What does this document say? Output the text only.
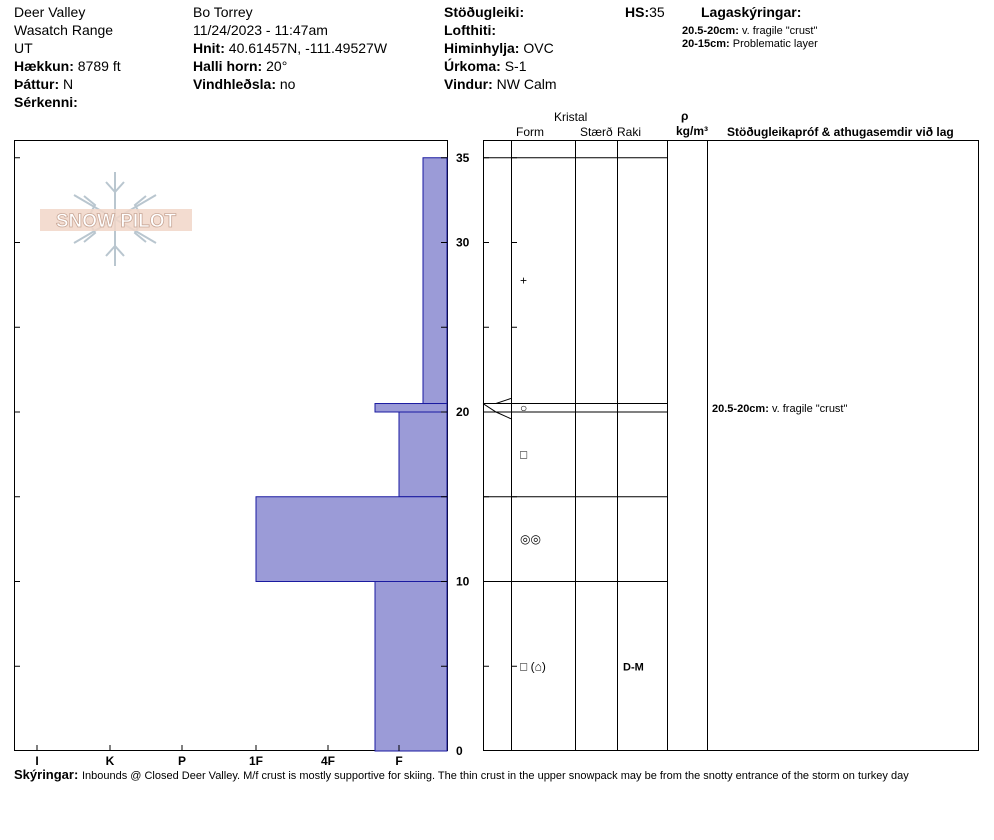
Deer Valley
Wasatch Range
UT
Hækkun: 8789 ft
Þáttur: N
Sérkenni:
Bo Torrey
11/24/2023 - 11:47am
Hnit: 40.61457N, -111.49527W
Halli horn: 20°
Vindhleðsla: no
Stöðugleiki:
Lofthiti:
Himinhylja: OVC
Úrkoma: S-1
Vindur: NW Calm
HS:35	Lagaskýringar:
20.5-20cm: v. fragile "crust"
20-15cm: Problematic layer
Kristal
Form	Stærð Raki
ρ
kg/m³ Stöðugleikapróf & athugasemdir við lag
SNOW PILOT
0
10
20
30
35
I	K	P	1F	4F	F
+
○
□
◎◎
□ (⌂)	D-M
20.5-20cm: v. fragile "crust"
Skýringar: Inbounds @ Closed Deer Valley. M/f crust is mostly supportive for skiing. The thin crust in the upper snowpack may be from the snotty entrance of the storm on turkey day
